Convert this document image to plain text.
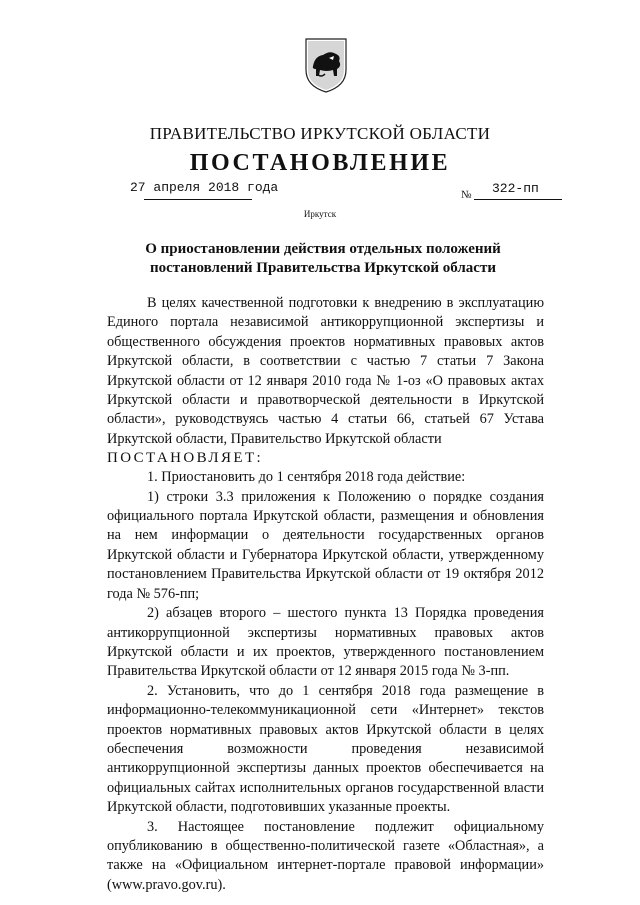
ПРАВИТЕЛЬСТВО ИРКУТСКОЙ ОБЛАСТИ
ПОСТАНОВЛЕНИЕ
27 апреля 2018 года	№ 322-пп
Иркутск
О приостановлении действия отдельных положений постановлений Правительства Иркутской области

В целях качественной подготовки к внедрению в эксплуатацию Единого портала независимой антикоррупционной экспертизы и общественного обсуждения проектов нормативных правовых актов Иркутской области, в соответствии с частью 7 статьи 7 Закона Иркутской области от 12 января 2010 года № 1-оз «О правовых актах Иркутской области и правотворческой деятельности в Иркутской области», руководствуясь частью 4 статьи 66, статьей 67 Устава Иркутской области, Правительство Иркутской области

ПОСТАНОВЛЯЕТ:

1. Приостановить до 1 сентября 2018 года действие:

1) строки 3.3 приложения к Положению о порядке создания официального портала Иркутской области, размещения и обновления на нем информации о деятельности государственных органов Иркутской области и Губернатора Иркутской области, утвержденному постановлением Правительства Иркутской области от 19 октября 2012 года № 576-пп;

2) абзацев второго – шестого пункта 13 Порядка проведения антикоррупционной экспертизы нормативных правовых актов Иркутской области и их проектов, утвержденного постановлением Правительства Иркутской области от 12 января 2015 года № 3-пп.

2. Установить, что до 1 сентября 2018 года размещение в информационно-телекоммуникационной сети «Интернет» текстов проектов нормативных правовых актов Иркутской области в целях обеспечения возможности проведения независимой антикоррупционной экспертизы данных проектов обеспечивается на официальных сайтах исполнительных органов государственной власти Иркутской области, подготовивших указанные проекты.

3. Настоящее постановление подлежит официальному опубликованию в общественно-политической газете «Областная», а также на «Официальном интернет-портале правовой информации» (www.pravo.gov.ru).
